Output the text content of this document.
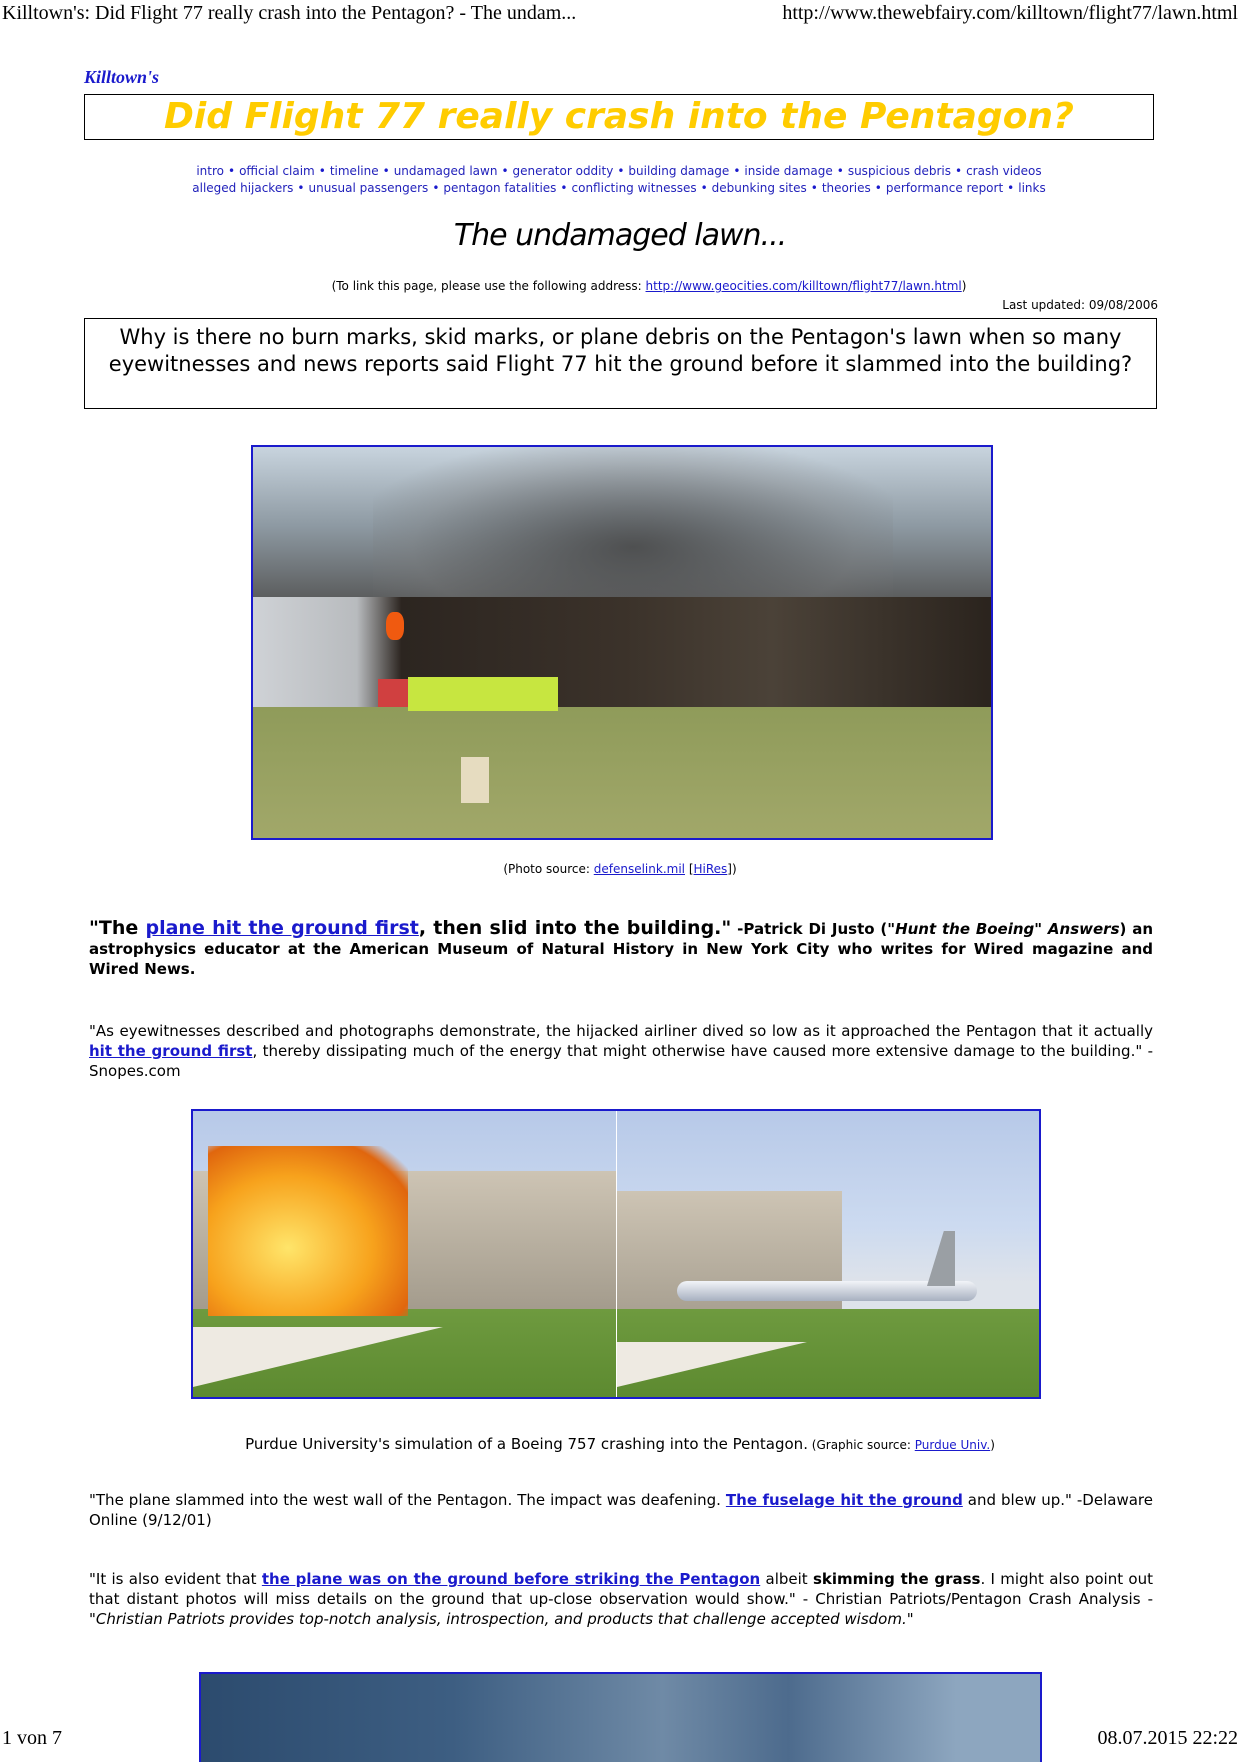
Killtown's: Did Flight 77 really crash into the Pentagon? - The undam...	http://www.thewebfairy.com/killtown/flight77/lawn.html
Killtown's
Did Flight 77 really crash into the Pentagon?
intro • official claim • timeline • undamaged lawn • generator oddity • building damage • inside damage • suspicious debris • crash videos
alleged hijackers • unusual passengers • pentagon fatalities • conflicting witnesses • debunking sites • theories • performance report • links
The undamaged lawn...
(To link this page, please use the following address: http://www.geocities.com/killtown/flight77/lawn.html)
Last updated: 09/08/2006
Why is there no burn marks, skid marks, or plane debris on the Pentagon's lawn when so many eyewitnesses and news reports said Flight 77 hit the ground before it slammed into the building?
(Photo source: defenselink.mil [HiRes])
"The plane hit the ground first, then slid into the building." -Patrick Di Justo ("Hunt the Boeing" Answers) an astrophysics educator at the American Museum of Natural History in New York City who writes for Wired magazine and Wired News.
"As eyewitnesses described and photographs demonstrate, the hijacked airliner dived so low as it approached the Pentagon that it actually hit the ground first, thereby dissipating much of the energy that might otherwise have caused more extensive damage to the building." - Snopes.com
Purdue University's simulation of a Boeing 757 crashing into the Pentagon. (Graphic source: Purdue Univ.)
"The plane slammed into the west wall of the Pentagon. The impact was deafening. The fuselage hit the ground and blew up." -Delaware Online (9/12/01)
"It is also evident that the plane was on the ground before striking the Pentagon albeit skimming the grass. I might also point out that distant photos will miss details on the ground that up-close observation would show." - Christian Patriots/Pentagon Crash Analysis - "Christian Patriots provides top-notch analysis, introspection, and products that challenge accepted wisdom."
1 von 7	08.07.2015 22:22
